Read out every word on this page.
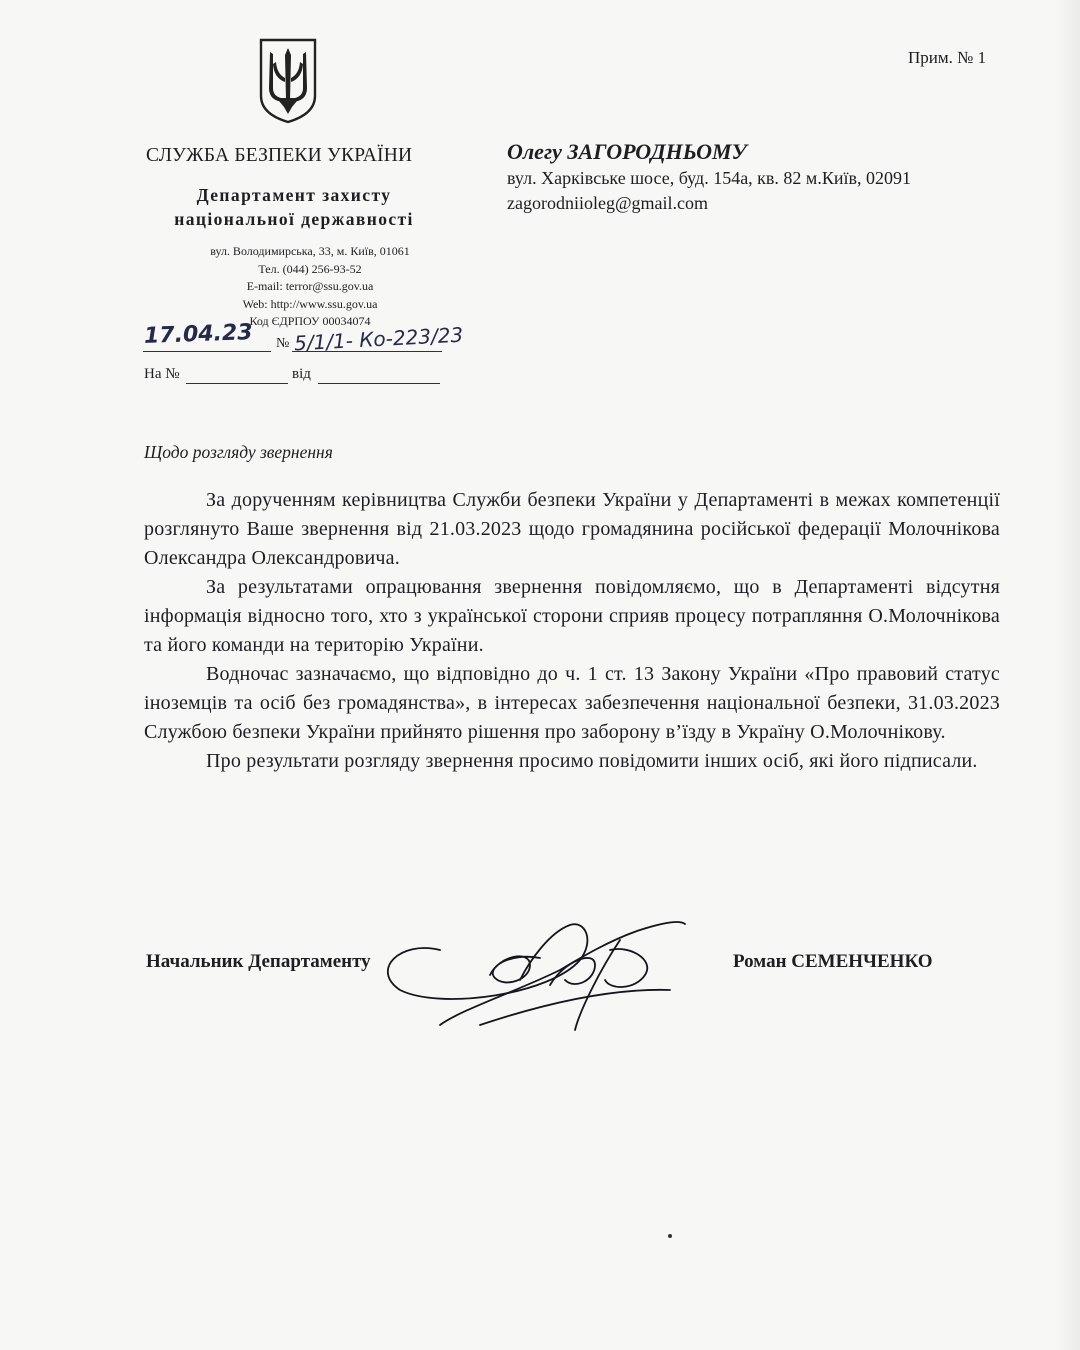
Прим. № 1
СЛУЖБА БЕЗПЕКИ УКРАЇНИ
Департамент захисту
національної державності
вул. Володимирська, 33, м. Київ, 01061
Тел. (044) 256-93-52
E-mail: terror@ssu.gov.ua
Web: http://www.ssu.gov.ua
Код ЄДРПОУ 00034074
Олегу ЗАГОРОДНЬОМУ
вул. Харківське шосе, буд. 154а, кв. 82 м.Київ, 02091
zagorodniioleg@gmail.com
17.04.23 № 5/1/1- Ко-223/23
На №	від
Щодо розгляду звернення

За дорученням керівництва Служби безпеки України у Департаменті в межах компетенції розглянуто Ваше звернення від 21.03.2023 щодо громадянина російської федерації Молочнікова Олександра Олександровича.

За результатами опрацювання звернення повідомляємо, що в Департаменті відсутня інформація відносно того, хто з української сторони сприяв процесу потрапляння О.Молочнікова та його команди на територію України.

Водночас зазначаємо, що відповідно до ч. 1 ст. 13 Закону України «Про правовий статус іноземців та осіб без громадянства», в інтересах забезпечення національної безпеки, 31.03.2023 Службою безпеки України прийнято рішення про заборону в’їзду в Україну О.Молочнікову.

Про результати розгляду звернення просимо повідомити інших осіб, які його підписали.

Начальник Департаменту	Роман СЕМЕНЧЕНКО
